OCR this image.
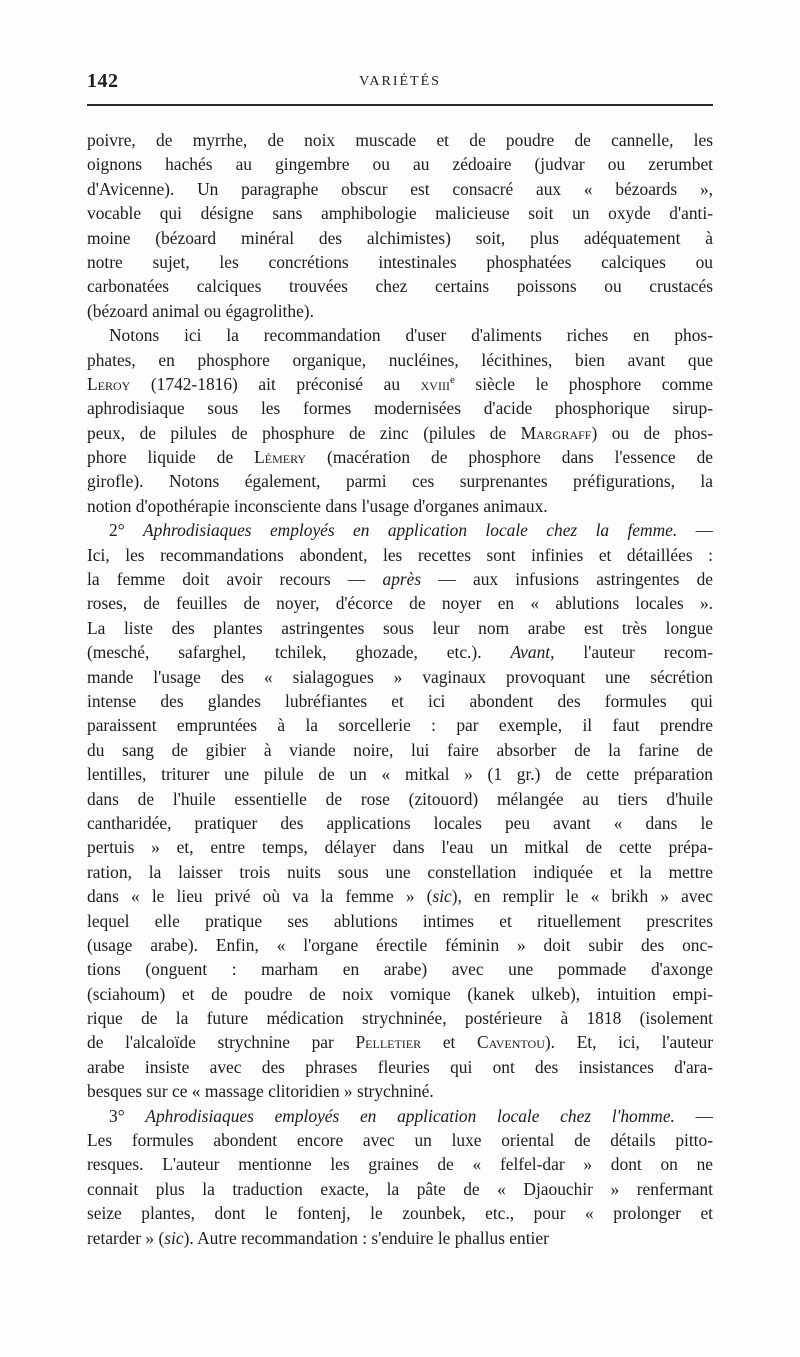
142	VARIÉTÉS
poivre, de myrrhe, de noix muscade et de poudre de cannelle, les
oignons hachés au gingembre ou au zédoaire (judvar ou zerumbet
d'Avicenne). Un paragraphe obscur est consacré aux « bézoards »,
vocable qui désigne sans amphibologie malicieuse soit un oxyde d'anti-
moine (bézoard minéral des alchimistes) soit, plus adéquatement à
notre sujet, les concrétions intestinales phosphatées calciques ou
carbonatées calciques trouvées chez certains poissons ou crustacés
(bézoard animal ou égagrolithe).
Notons ici la recommandation d'user d'aliments riches en phos-
phates, en phosphore organique, nucléines, lécithines, bien avant que
Leroy (1742-1816) ait préconisé au xviii$^e$ siècle le phosphore comme
aphrodisiaque sous les formes modernisées d'acide phosphorique sirup-
peux, de pilules de phosphure de zinc (pilules de Margraff) ou de phos-
phore liquide de Lémery (macération de phosphore dans l'essence de
girofle). Notons également, parmi ces surprenantes préfigurations, la
notion d'opothérapie inconsciente dans l'usage d'organes animaux.
2° Aphrodisiaques employés en application locale chez la femme. —
Ici, les recommandations abondent, les recettes sont infinies et détaillées :
la femme doit avoir recours — après — aux infusions astringentes de
roses, de feuilles de noyer, d'écorce de noyer en « ablutions locales ».
La liste des plantes astringentes sous leur nom arabe est très longue
(mesché, safarghel, tchilek, ghozade, etc.). Avant, l'auteur recom-
mande l'usage des « sialagogues » vaginaux provoquant une sécrétion
intense des glandes lubréfiantes et ici abondent des formules qui
paraissent empruntées à la sorcellerie : par exemple, il faut prendre
du sang de gibier à viande noire, lui faire absorber de la farine de
lentilles, triturer une pilule de un « mitkal » (1 gr.) de cette préparation
dans de l'huile essentielle de rose (zitouord) mélangée au tiers d'huile
cantharidée, pratiquer des applications locales peu avant « dans le
pertuis » et, entre temps, délayer dans l'eau un mitkal de cette prépa-
ration, la laisser trois nuits sous une constellation indiquée et la mettre
dans « le lieu privé où va la femme » (sic), en remplir le « brikh » avec
lequel elle pratique ses ablutions intimes et rituellement prescrites
(usage arabe). Enfin, « l'organe érectile féminin » doit subir des onc-
tions (onguent : marham en arabe) avec une pommade d'axonge
(sciahoum) et de poudre de noix vomique (kanek ulkeb), intuition empi-
rique de la future médication strychninée, postérieure à 1818 (isolement
de l'alcaloïde strychnine par Pelletier et Caventou). Et, ici, l'auteur
arabe insiste avec des phrases fleuries qui ont des insistances d'ara-
besques sur ce « massage clitoridien » strychniné.
3° Aphrodisiaques employés en application locale chez l'homme. —
Les formules abondent encore avec un luxe oriental de détails pitto-
resques. L'auteur mentionne les graines de « felfel-dar » dont on ne
connait plus la traduction exacte, la pâte de « Djaouchir » renfermant
seize plantes, dont le fontenj, le zounbek, etc., pour « prolonger et
retarder » (sic). Autre recommandation : s'enduire le phallus entier
